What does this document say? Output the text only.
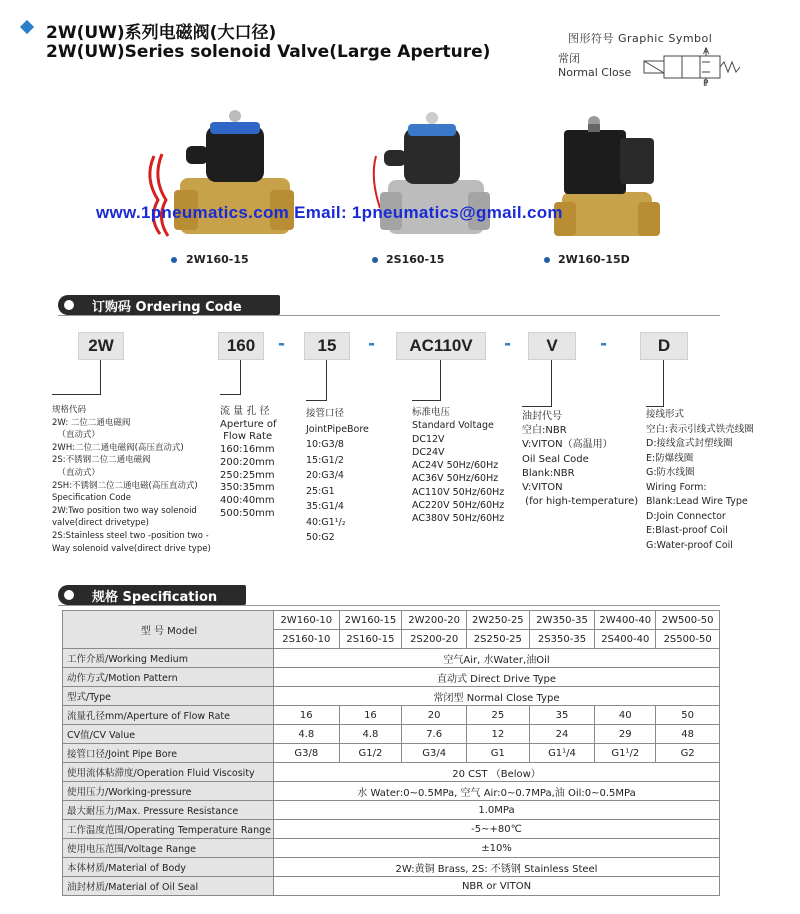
2W(UW)系列电磁阀(大口径)
2W(UW)Series solenoid Valve(Large Aperture)
图形符号 Graphic Symbol
常闭
Normal Close
A
P
www.1pneumatics.com Email: 1pneumatics@gmail.com
2W160-15	2S160-15	2W160-15D
订购码 Ordering Code
2W	160	-	15	-	AC110V	-	V	-	D
规格代码
2W: 二位二通电磁阀
（直动式）
2WH:二位二通电磁阀(高压直动式)
2S:不锈钢二位二通电磁阀
（直动式）
2SH:不锈钢二位二通电磁(高压直动式)
Specification Code
2W:Two position two way solenoid
valve(direct drivetype)
2S:Stainless steel two -position two -
Way solenoid valve(direct drive type)
流 量 孔 径
Aperture of
Flow Rate
160:16mm
200:20mm
250:25mm
350:35mm
400:40mm
500:50mm
接管口径
JointPipeBore
10:G3/8
15:G1/2
20:G3/4
25:G1
35:G1/4
40:G1¹/₂
50:G2
标准电压
Standard Voltage
DC12V
DC24V
AC24V 50Hz/60Hz
AC36V 50Hz/60Hz
AC110V 50Hz/60Hz
AC220V 50Hz/60Hz
AC380V 50Hz/60Hz
油封代号
空白:NBR
V:VITON（高温用）
Oil Seal Code
Blank:NBR
V:VITON
(for high-temperature)
接线形式
空白:表示引线式铁壳线圈
D:接线盒式封塑线圈
E:防爆线圈
G:防水线圈
Wiring Form:
Blank:Lead Wire Type
D:Join Connector
E:Blast-proof Coil
G:Water-proof Coil
规格 Specification
型 号 Model	2W160-10	2W160-15	2W200-20	2W250-25	2W350-35	2W400-40	2W500-50
	2S160-10	2S160-15	2S200-20	2S250-25	2S350-35	2S400-40	2S500-50
工作介质/Working Medium	空气Air, 水Water,油Oil						
动作方式/Motion Pattern	直动式 Direct Drive Type						
型式/Type	常闭型 Normal Close Type						
流量孔径mm/Aperture of Flow Rate	16	16	20	25	35	40	50
CV值/CV Value	4.8	4.8	7.6	12	24	29	48
接管口径/Joint Pipe Bore	G3/8	G1/2	G3/4	G1	G1¹/4	G1¹/2	G2
使用流体粘滞度/Operation Fluid Viscosity	20 CST （Below）						
使用压力/Working-pressure	水 Water:0~0.5MPa, 空气 Air:0~0.7MPa,油 Oil:0~0.5MPa						
最大耐压力/Max. Pressure Resistance	1.0MPa						
工作温度范围/Operating Temperature Range	-5~+80℃						
使用电压范围/Voltage Range	±10%						
本体材质/Material of Body	2W:黄铜 Brass, 2S: 不锈钢 Stainless Steel						
油封材质/Material of Oil Seal	NBR or VITON						
